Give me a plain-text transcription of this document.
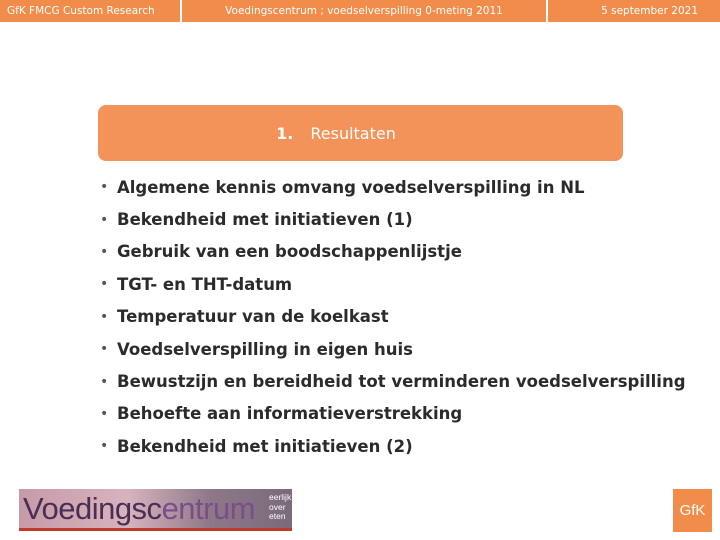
GfK FMCG Custom Research	Voedingscentrum ; voedselverspilling 0-meting 2011	5 september 2021
1. Resultaten
• Algemene kennis omvang voedselverspilling in NL
• Bekendheid met initiatieven (1)
• Gebruik van een boodschappenlijstje
• TGT- en THT-datum
• Temperatuur van de koelkast
• Voedselverspilling in eigen huis
• Bewustzijn en bereidheid tot verminderen voedselverspilling
• Behoefte aan informatieverstrekking
• Bekendheid met initiatieven (2)
Voedingscentrum eerlijk
over
eten	GfK
